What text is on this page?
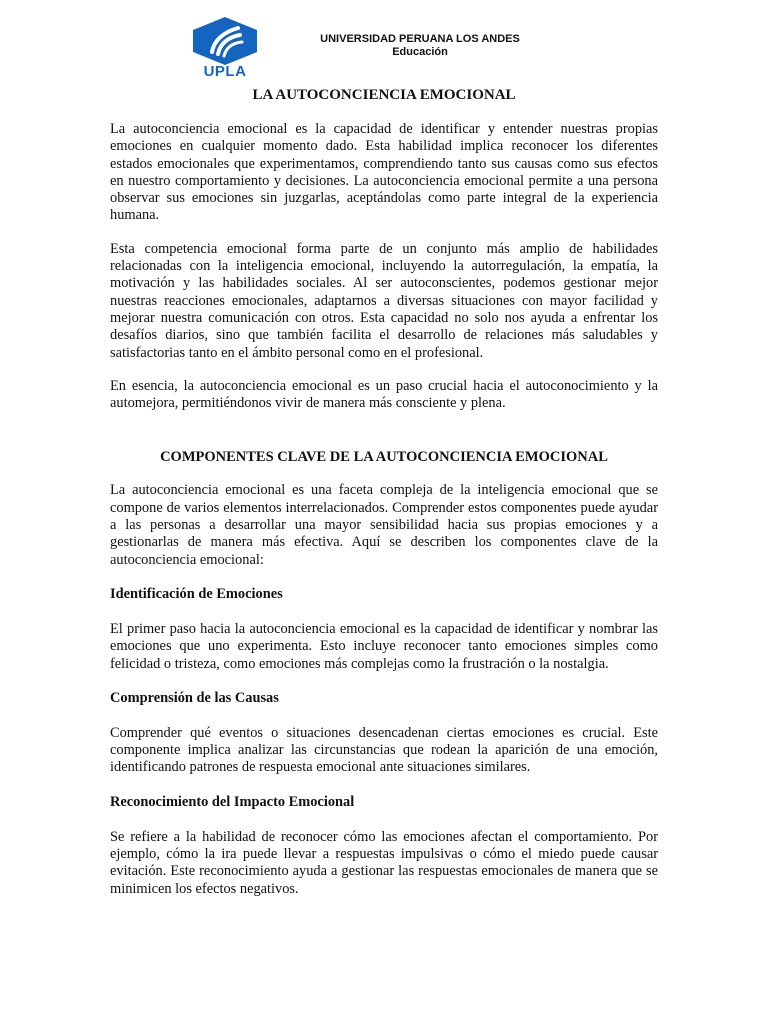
UPLA
UNIVERSIDAD PERUANA LOS ANDES
Educación
LA AUTOCONCIENCIA EMOCIONAL

La autoconciencia emocional es la capacidad de identificar y entender nuestras propias emociones en cualquier momento dado. Esta habilidad implica reconocer los diferentes estados emocionales que experimentamos, comprendiendo tanto sus causas como sus efectos en nuestro comportamiento y decisiones. La autoconciencia emocional permite a una persona observar sus emociones sin juzgarlas, aceptándolas como parte integral de la experiencia humana.

Esta competencia emocional forma parte de un conjunto más amplio de habilidades relacionadas con la inteligencia emocional, incluyendo la autorregulación, la empatía, la motivación y las habilidades sociales. Al ser autoconscientes, podemos gestionar mejor nuestras reacciones emocionales, adaptarnos a diversas situaciones con mayor facilidad y mejorar nuestra comunicación con otros. Esta capacidad no solo nos ayuda a enfrentar los desafíos diarios, sino que también facilita el desarrollo de relaciones más saludables y satisfactorias tanto en el ámbito personal como en el profesional.

En esencia, la autoconciencia emocional es un paso crucial hacia el autoconocimiento y la automejora, permitiéndonos vivir de manera más consciente y plena.

COMPONENTES CLAVE DE LA AUTOCONCIENCIA EMOCIONAL

La autoconciencia emocional es una faceta compleja de la inteligencia emocional que se compone de varios elementos interrelacionados. Comprender estos componentes puede ayudar a las personas a desarrollar una mayor sensibilidad hacia sus propias emociones y a gestionarlas de manera más efectiva. Aquí se describen los componentes clave de la autoconciencia emocional:

Identificación de Emociones

El primer paso hacia la autoconciencia emocional es la capacidad de identificar y nombrar las emociones que uno experimenta. Esto incluye reconocer tanto emociones simples como felicidad o tristeza, como emociones más complejas como la frustración o la nostalgia.

Comprensión de las Causas

Comprender qué eventos o situaciones desencadenan ciertas emociones es crucial. Este componente implica analizar las circunstancias que rodean la aparición de una emoción, identificando patrones de respuesta emocional ante situaciones similares.

Reconocimiento del Impacto Emocional

Se refiere a la habilidad de reconocer cómo las emociones afectan el comportamiento. Por ejemplo, cómo la ira puede llevar a respuestas impulsivas o cómo el miedo puede causar evitación. Este reconocimiento ayuda a gestionar las respuestas emocionales de manera que se minimicen los efectos negativos.
